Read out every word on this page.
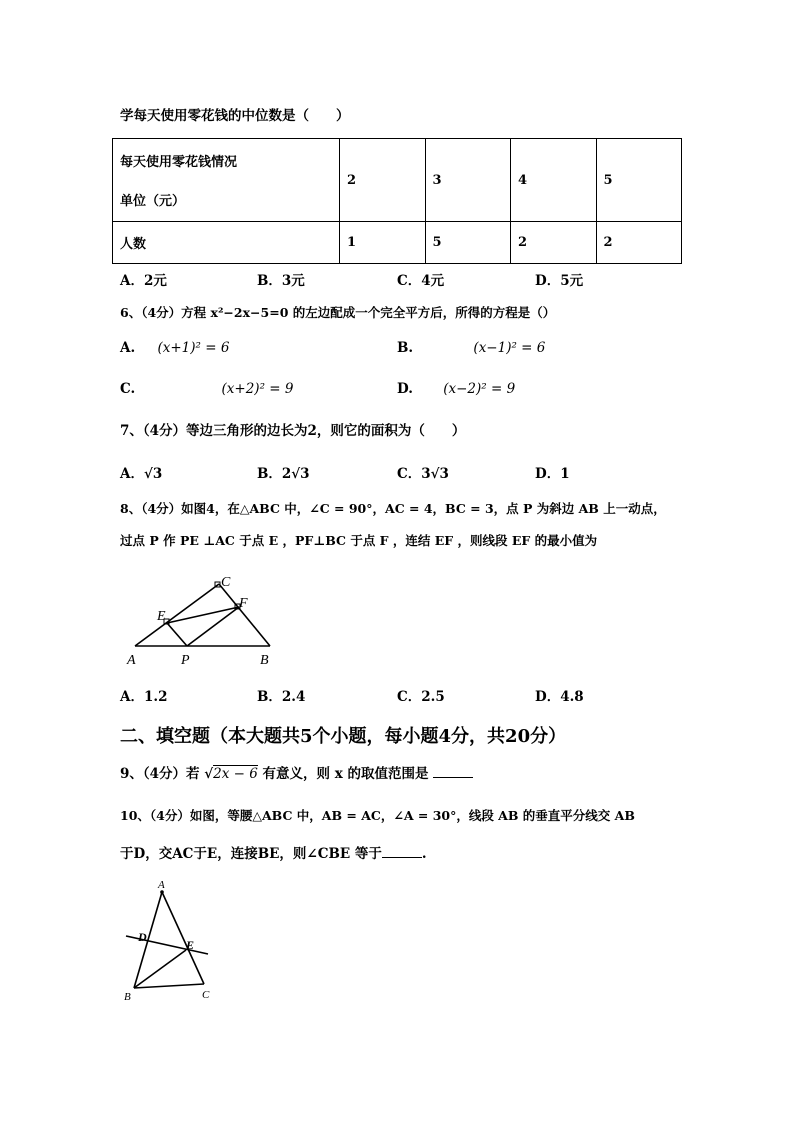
学每天使用零花钱的中位数是（　　）
每天使用零花钱情况
单位（元）	2	3	4	5
人数	1	5	2	2
A．2元	B．3元	C．4元	D．5元
6、（4分）方程 x²−2x−5=0 的左边配成一个完全平方后，所得的方程是（）
A. (x+1)² = 6	B.	(x−1)² = 6
C.	(x+2)² = 9	D. (x−2)² = 9
7、（4分）等边三角形的边长为2，则它的面积为（　　）
A．√3	B．2√3	C．3√3	D．1
8、（4分）如图4，在△ABC 中，∠C = 90°，AC = 4，BC = 3，点 P 为斜边 AB 上一动点，
过点 P 作 PE ⊥AC 于点 E ，PF⊥BC 于点 F ，连结 EF ，则线段 EF 的最小值为
A	P	B
C
E
F
A．1.2	B．2.4	C．2.5	D．4.8
二、填空题（本大题共5个小题，每小题4分，共20分）
9、（4分）若 √2x − 6 有意义，则 x 的取值范围是
10、（4分）如图，等腰△ABC 中，AB = AC，∠A = 30°，线段 AB 的垂直平分线交 AB
于D，交AC于E，连接BE，则∠CBE 等于	.
A
D
E
B	C
